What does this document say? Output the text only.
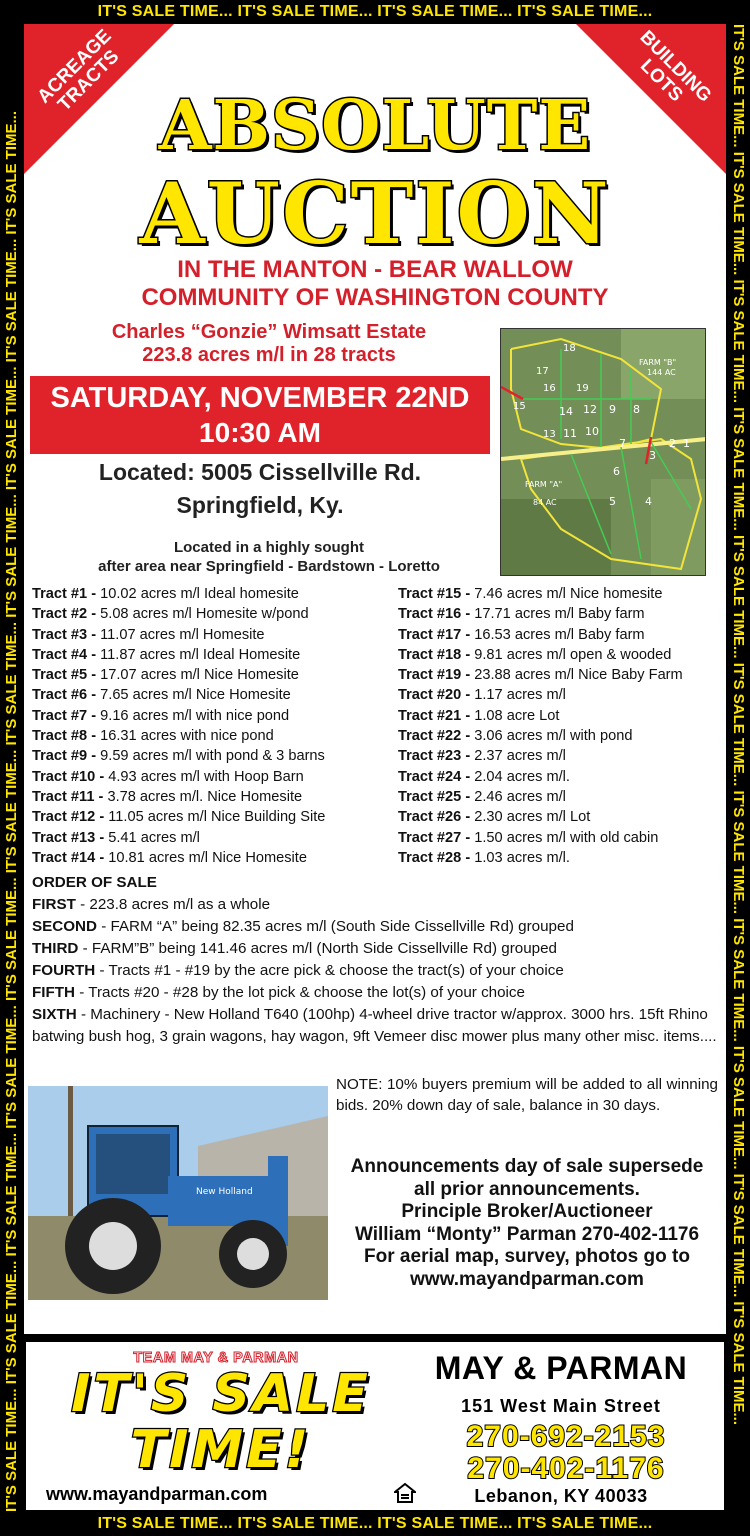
IT'S SALE TIME... IT'S SALE TIME... IT'S SALE TIME... IT'S SALE TIME...
IT'S SALE TIME... IT'S SALE TIME... IT'S SALE TIME... IT'S SALE TIME...
IT'S SALE TIME... IT'S SALE TIME... IT'S SALE TIME... IT'S SALE TIME... IT'S SALE TIME... IT'S SALE TIME... IT'S SALE TIME... IT'S SALE TIME... IT'S SALE TIME... IT'S SALE TIME... IT'S SALE TIME...	IT'S SALE TIME... IT'S SALE TIME... IT'S SALE TIME... IT'S SALE TIME... IT'S SALE TIME... IT'S SALE TIME... IT'S SALE TIME... IT'S SALE TIME... IT'S SALE TIME... IT'S SALE TIME... IT'S SALE TIME...
ACREAGE TRACTS	BUILDING LOTS
ABSOLUTE
AUCTION
IN THE MANTON - BEAR WALLOW
COMMUNITY OF WASHINGTON COUNTY
Charles “Gonzie” Wimsatt Estate
223.8 acres m/l in 28 tracts
SATURDAY, NOVEMBER 22ND
10:30 AM
18
17
16 19
15	14 12 9 8
13 11 10
7
3
2 1
6
5	4
FARM "B"
144 AC
FARM "A"
84 AC
Located: 5005 Cissellville Rd.
Springfield, Ky.
Located in a highly sought
after area near Springfield - Bardstown - Loretto
Tract #1 - 10.02 acres m/l Ideal homesite
Tract #2 - 5.08 acres m/l Homesite w/pond
Tract #3 - 11.07 acres m/l Homesite
Tract #4 - 11.87 acres m/l Ideal Homesite
Tract #5 - 17.07 acres m/l Nice Homesite
Tract #6 - 7.65 acres m/l Nice Homesite
Tract #7 - 9.16 acres m/l with nice pond
Tract #8 - 16.31 acres with nice pond
Tract #9 - 9.59 acres m/l with pond & 3 barns
Tract #10 - 4.93 acres m/l with Hoop Barn
Tract #11 - 3.78 acres m/l. Nice Homesite
Tract #12 - 11.05 acres m/l Nice Building Site
Tract #13 - 5.41 acres m/l
Tract #14 - 10.81 acres m/l Nice Homesite
Tract #15 - 7.46 acres m/l Nice homesite
Tract #16 - 17.71 acres m/l Baby farm
Tract #17 - 16.53 acres m/l Baby farm
Tract #18 - 9.81 acres m/l open & wooded
Tract #19 - 23.88 acres m/l Nice Baby Farm
Tract #20 - 1.17 acres m/l
Tract #21 - 1.08 acre Lot
Tract #22 - 3.06 acres m/l with pond
Tract #23 - 2.37 acres m/l
Tract #24 - 2.04 acres m/l.
Tract #25 - 2.46 acres m/l
Tract #26 - 2.30 acres m/l Lot
Tract #27 - 1.50 acres m/l with old cabin
Tract #28 - 1.03 acres m/l.
ORDER OF SALE
FIRST - 223.8 acres m/l as a whole
SECOND - FARM “A” being 82.35 acres m/l (South Side Cissellville Rd) grouped
THIRD - FARM”B” being 141.46 acres m/l (North Side Cissellville Rd) grouped
FOURTH - Tracts #1 - #19 by the acre pick & choose the tract(s) of your choice
FIFTH - Tracts #20 - #28 by the lot pick & choose the lot(s) of your choice
SIXTH - Machinery - New Holland T640 (100hp) 4-wheel drive tractor w/approx. 3000 hrs. 15ft Rhino batwing bush hog, 3 grain wagons, hay wagon, 9ft Vemeer disc mower plus many other misc. items....
New Holland
NOTE: 10% buyers premium will be added to all winning bids. 20% down day of sale, balance in 30 days.
Announcements day of sale supersede
all prior announcements.
Principle Broker/Auctioneer
William “Monty” Parman 270-402-1176
For aerial map, survey, photos go to
www.mayandparman.com
TEAM MAY & PARMAN
IT'S SALE
TIME!
www.mayandparman.com
MAY & PARMAN
151 West Main Street
270-692-2153
270-402-1176
Lebanon, KY 40033
